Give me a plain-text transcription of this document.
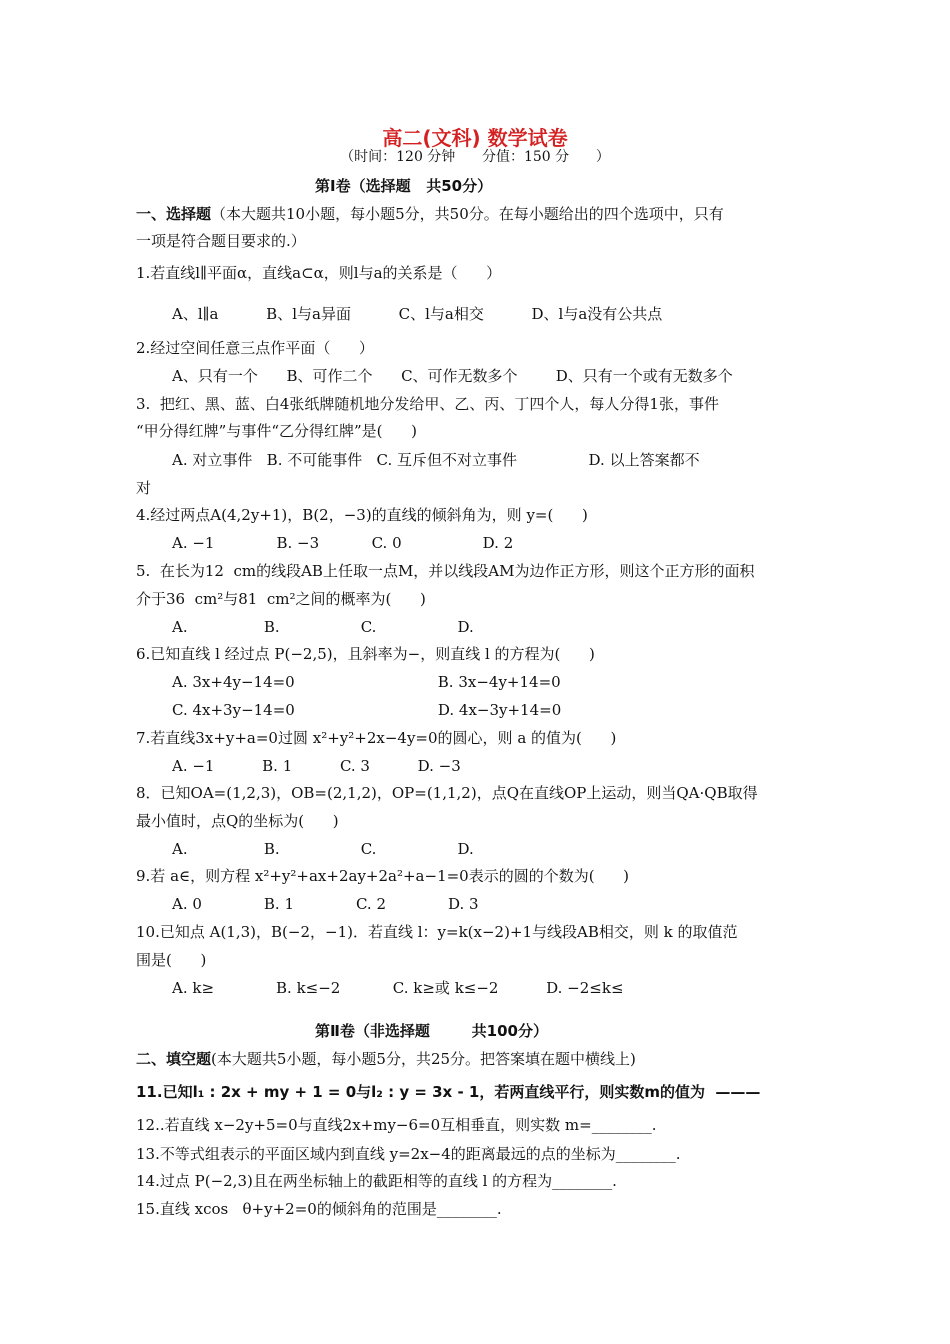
高二(文科) 数学试卷
（时间：120 分钟      分值：150 分      ）
第Ⅰ卷（选择题   共50分）
一、选择题（本大题共10小题，每小题5分，共50分。在每小题给出的四个选项中，只有
一项是符合题目要求的.）
1.若直线l∥平面α，直线a⊂α，则l与a的关系是（      ）
A、l∥a          B、l与a异面          C、l与a相交          D、l与a没有公共点
2.经过空间任意三点作平面（      ）
A、只有一个      B、可作二个      C、可作无数多个        D、只有一个或有无数多个
3.  把红、黑、蓝、白4张纸牌随机地分发给甲、乙、丙、丁四个人，每人分得1张，事件
“甲分得红牌”与事件“乙分得红牌”是(      )
A. 对立事件   B. 不可能事件   C. 互斥但不对立事件               D. 以上答案都不
对
4.经过两点A(4,2y+1)，B(2，−3)的直线的倾斜角为，则 y=(      )
A. −1             B. −3           C. 0                 D. 2
5.  在长为12  cm的线段AB上任取一点M，并以线段AM为边作正方形，则这个正方形的面积
介于36  cm²与81  cm²之间的概率为(      )
A.                B.                 C.                 D.
6.已知直线 l 经过点 P(−2,5)，且斜率为−，则直线 l 的方程为(      )
A. 3x+4y−14=0                              B. 3x−4y+14=0
C. 4x+3y−14=0                              D. 4x−3y+14=0
7.若直线3x+y+a=0过圆 x²+y²+2x−4y=0的圆心，则 a 的值为(      )
A. −1          B. 1          C. 3          D. −3
8．已知OA=(1,2,3)，OB=(2,1,2)，OP=(1,1,2)，点Q在直线OP上运动，则当QA·QB取得
最小值时，点Q的坐标为(      )
A.                B.                 C.                 D.
9.若 a∈，则方程 x²+y²+ax+2ay+2a²+a−1=0表示的圆的个数为(      )
A. 0             B. 1             C. 2             D. 3
10.已知点 A(1,3)，B(−2，−1)．若直线 l：y=k(x−2)+1与线段AB相交，则 k 的取值范
围是(      )
A. k≥             B. k≤−2           C. k≥或 k≤−2          D. −2≤k≤
第Ⅱ卷（非选择题        共100分）
二、填空题(本大题共5小题，每小题5分，共25分。把答案填在题中横线上)
11.已知l₁ : 2x + my + 1 = 0与l₂ : y = 3x - 1，若两直线平行，则实数m的值为  ———
12..若直线 x−2y+5=0与直线2x+my−6=0互相垂直，则实数 m=________.
13.不等式组表示的平面区域内到直线 y=2x−4的距离最远的点的坐标为________.
14.过点 P(−2,3)且在两坐标轴上的截距相等的直线 l 的方程为________.
15.直线 xcos   θ+y+2=0的倾斜角的范围是________.
